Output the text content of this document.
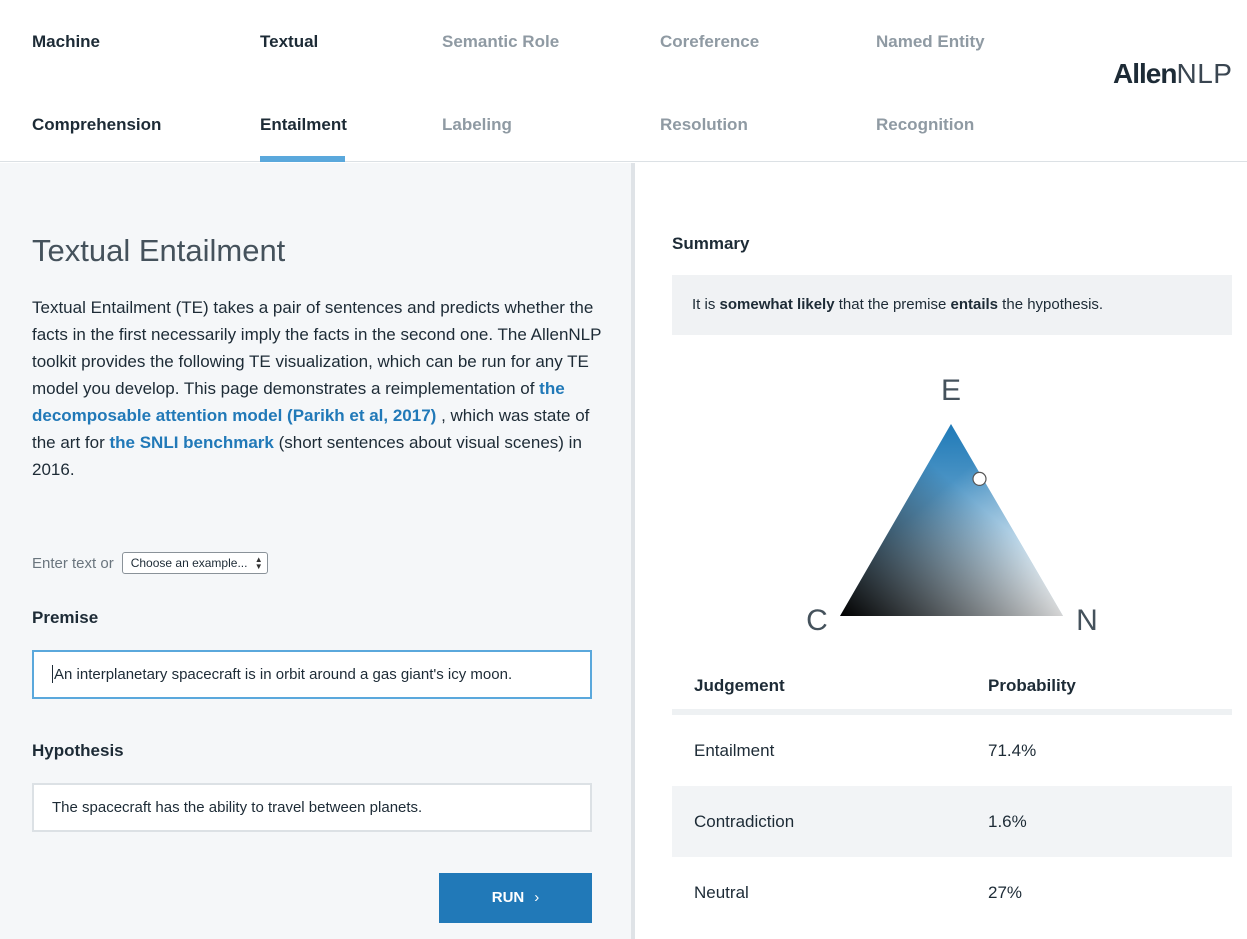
Machine
Comprehension
Textual
Entailment
Semantic Role
Labeling
Coreference
Resolution
Named Entity
Recognition
AllenNLP
Textual Entailment

Textual Entailment (TE) takes a pair of sentences and predicts whether the facts in the first necessarily imply the facts in the second one. The AllenNLP toolkit provides the following TE visualization, which can be run for any TE model you develop. This page demonstrates a reimplementation of the decomposable attention model (Parikh et al, 2017) , which was state of the art for the SNLI benchmark (short sentences about visual scenes) in 2016.

Enter text or	Choose an example... ▲
▼
Premise
An interplanetary spacecraft is in orbit around a gas giant's icy moon.
Hypothesis
The spacecraft has the ability to travel between planets.
RUN ›
Summary
It is somewhat likely that the premise entails the hypothesis.
E
C	N
Judgement	Probability
Entailment	71.4%
Contradiction	1.6%
Neutral	27%
